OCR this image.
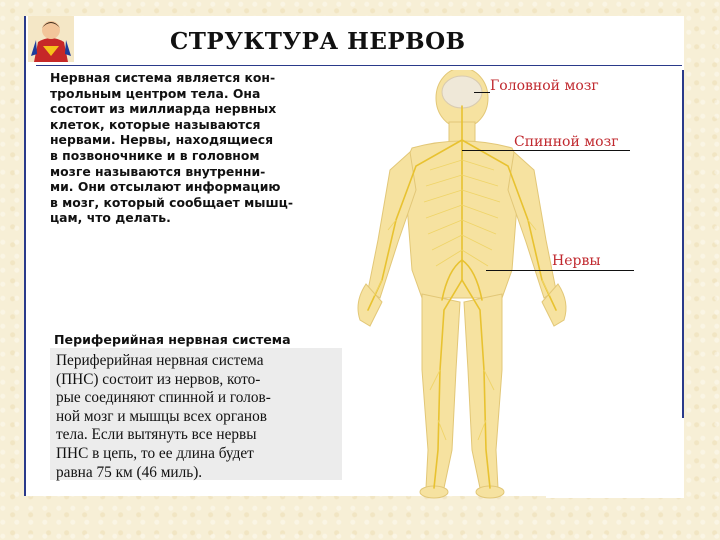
СТРУКТУРА НЕРВОВ
Нервная система является кон-
трольным центром тела. Она
состоит из миллиарда нервных
клеток, которые называются
нервами. Нервы, находящиеся
в позвоночнике и в головном
мозге называются внутренни-
ми. Они отсылают информацию
в мозг, который сообщает мышц-
цам, что делать.
Периферийная нервная система
Периферийная нервная система
(ПНС) состоит из нервов, кото-
рые соединяют спинной и голов-
ной мозг и мышцы всех органов
тела. Если вытянуть все нервы
ПНС в цепь, то ее длина будет
равна 75 км (46 миль).
Головной мозг
Спинной мозг
Нервы
